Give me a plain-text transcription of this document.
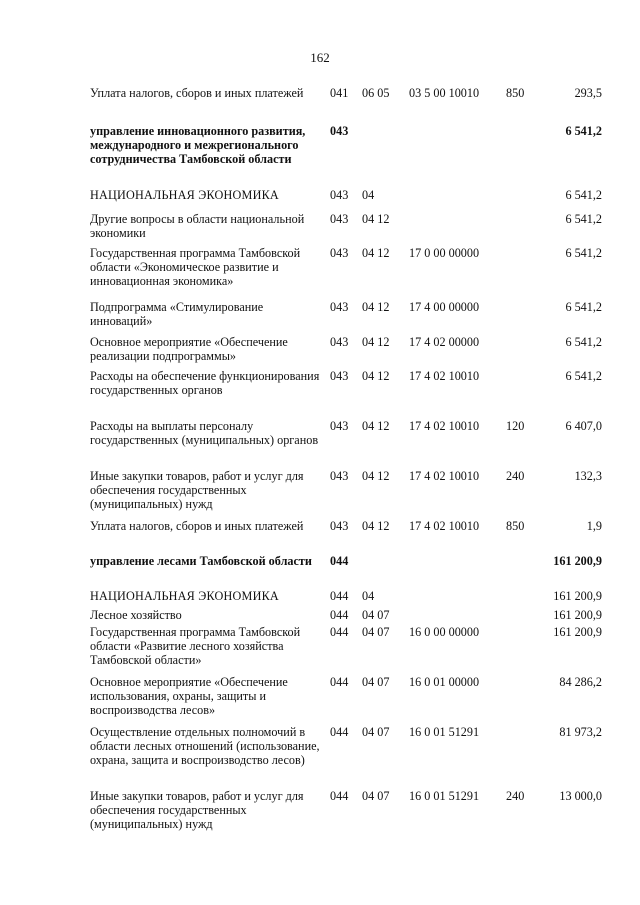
162
Уплата налогов, сборов и иных платежей	041 06 05 03 5 00 10010 850	293,5
управление инновационного развития, международного и межрегионального сотрудничества Тамбовской области
043	6 541,2
НАЦИОНАЛЬНАЯ ЭКОНОМИКА	043 04	6 541,2
Другие вопросы в области национальной экономики
043 04 12	6 541,2
Государственная программа Тамбовской области «Экономическое развитие и инновационная экономика»
043 04 12 17 0 00 00000	6 541,2
Подпрограмма «Стимулирование инноваций»
043 04 12 17 4 00 00000	6 541,2
Основное мероприятие «Обеспечение реализации подпрограммы»
043 04 12 17 4 02 00000	6 541,2
Расходы на обеспечение функционирования государственных органов
043 04 12 17 4 02 10010	6 541,2
Расходы на выплаты персоналу государственных (муниципальных) органов
043 04 12 17 4 02 10010 120	6 407,0
Иные закупки товаров, работ и услуг для обеспечения государственных (муниципальных) нужд
043 04 12 17 4 02 10010 240	132,3
Уплата налогов, сборов и иных платежей	043 04 12 17 4 02 10010 850	1,9
управление лесами Тамбовской области	044	161 200,9
НАЦИОНАЛЬНАЯ ЭКОНОМИКА	044 04	161 200,9
Лесное хозяйство	044 04 07	161 200,9
Государственная программа Тамбовской области «Развитие лесного хозяйства Тамбовской области»
044 04 07 16 0 00 00000	161 200,9
Основное мероприятие «Обеспечение использования, охраны, защиты и воспроизводства лесов»
044 04 07 16 0 01 00000	84 286,2
Осуществление отдельных полномочий в области лесных отношений (использование, охрана, защита и воспроизводство лесов)
044 04 07 16 0 01 51291	81 973,2
Иные закупки товаров, работ и услуг для обеспечения государственных (муниципальных) нужд
044 04 07 16 0 01 51291 240	13 000,0
